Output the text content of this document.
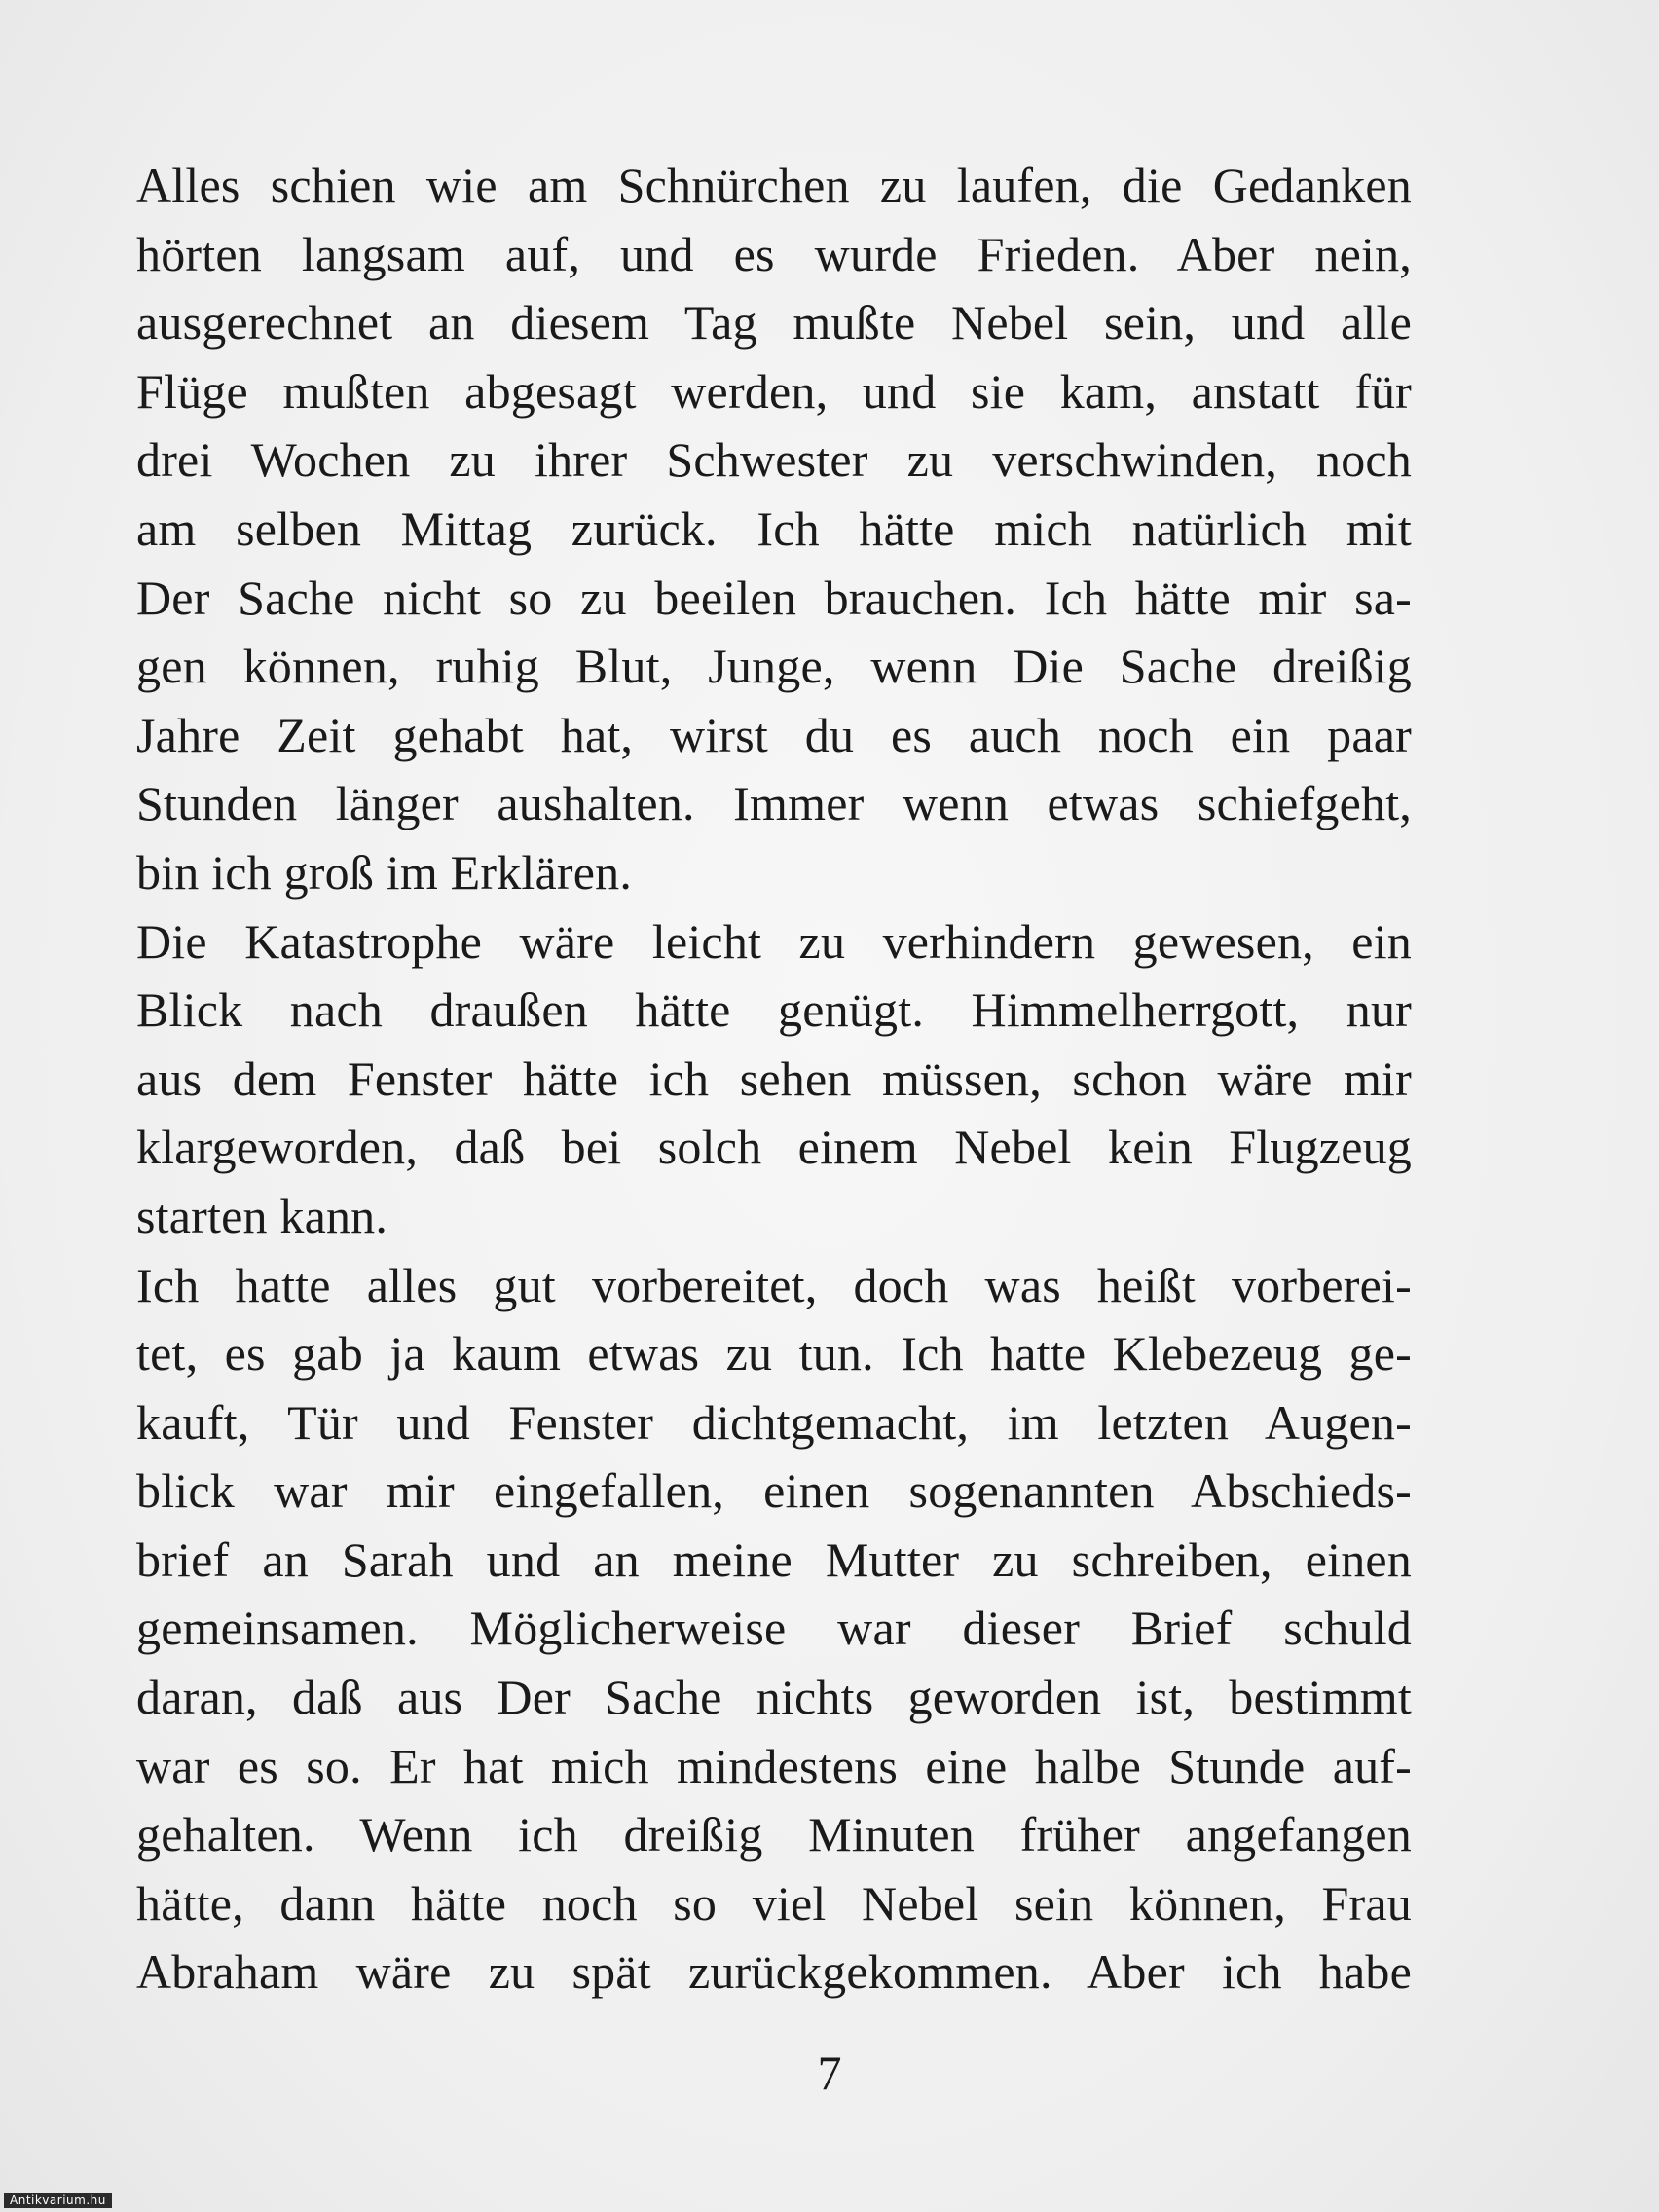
Alles schien wie am Schnürchen zu laufen, die Gedanken
hörten langsam auf, und es wurde Frieden. Aber nein,
ausgerechnet an diesem Tag mußte Nebel sein, und alle
Flüge mußten abgesagt werden, und sie kam, anstatt für
drei Wochen zu ihrer Schwester zu verschwinden, noch
am selben Mittag zurück. Ich hätte mich natürlich mit
Der Sache nicht so zu beeilen brauchen. Ich hätte mir sa-
gen können, ruhig Blut, Junge, wenn Die Sache dreißig
Jahre Zeit gehabt hat, wirst du es auch noch ein paar
Stunden länger aushalten. Immer wenn etwas schiefgeht,
bin ich groß im Erklären.
Die Katastrophe wäre leicht zu verhindern gewesen, ein
Blick nach draußen hätte genügt. Himmelherrgott, nur
aus dem Fenster hätte ich sehen müssen, schon wäre mir
klargeworden, daß bei solch einem Nebel kein Flugzeug
starten kann.
Ich hatte alles gut vorbereitet, doch was heißt vorberei-
tet, es gab ja kaum etwas zu tun. Ich hatte Klebezeug ge-
kauft, Tür und Fenster dichtgemacht, im letzten Augen-
blick war mir eingefallen, einen sogenannten Abschieds-
brief an Sarah und an meine Mutter zu schreiben, einen
gemeinsamen. Möglicherweise war dieser Brief schuld
daran, daß aus Der Sache nichts geworden ist, bestimmt
war es so. Er hat mich mindestens eine halbe Stunde auf-
gehalten. Wenn ich dreißig Minuten früher angefangen
hätte, dann hätte noch so viel Nebel sein können, Frau
Abraham wäre zu spät zurückgekommen. Aber ich habe
7
Antikvarium.hu
